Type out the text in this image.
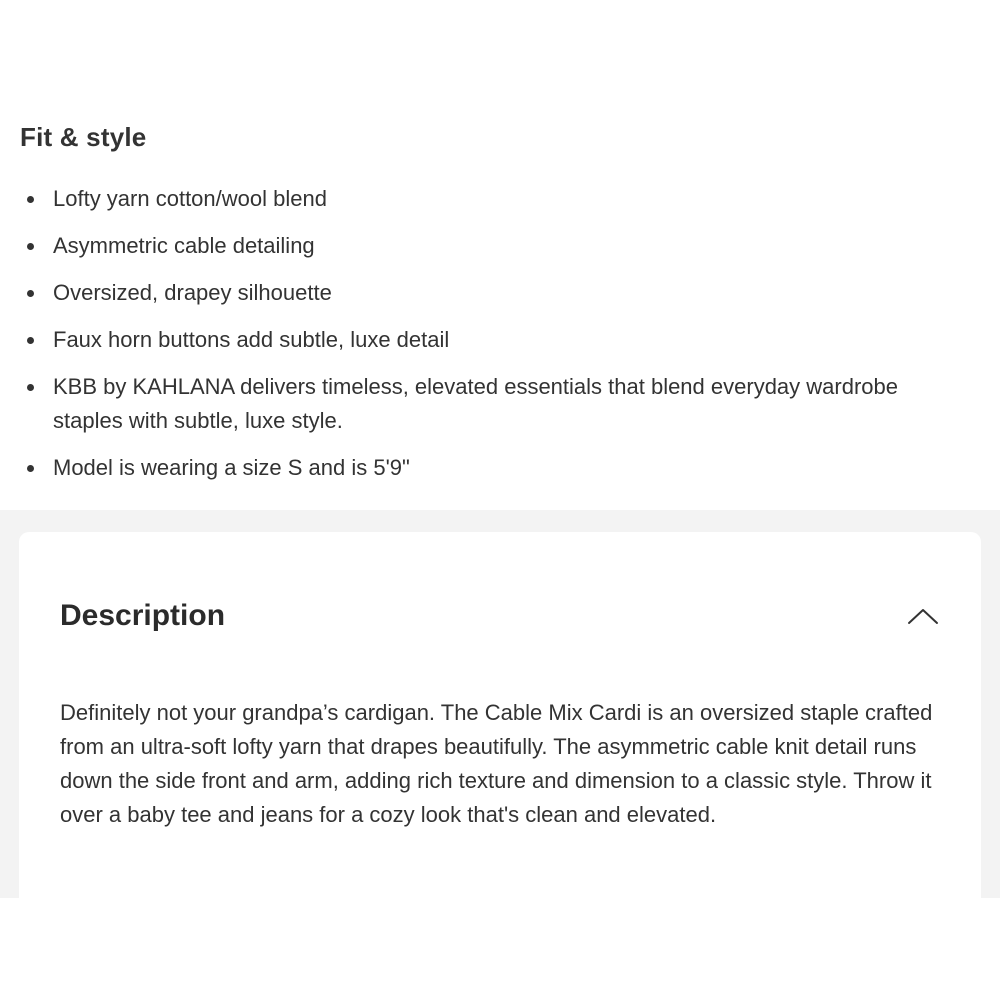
Fit & style
Lofty yarn cotton/wool blend
Asymmetric cable detailing
Oversized, drapey silhouette
Faux horn buttons add subtle, luxe detail
KBB by KAHLANA delivers timeless, elevated essentials that blend everyday wardrobe staples with subtle, luxe style.
Model is wearing a size S and is 5'9"
Description

Definitely not your grandpa’s cardigan. The Cable Mix Cardi is an oversized staple crafted from an ultra-soft lofty yarn that drapes beautifully. The asymmetric cable knit detail runs down the side front and arm, adding rich texture and dimension to a classic style. Throw it over a baby tee and jeans for a cozy look that's clean and elevated.
